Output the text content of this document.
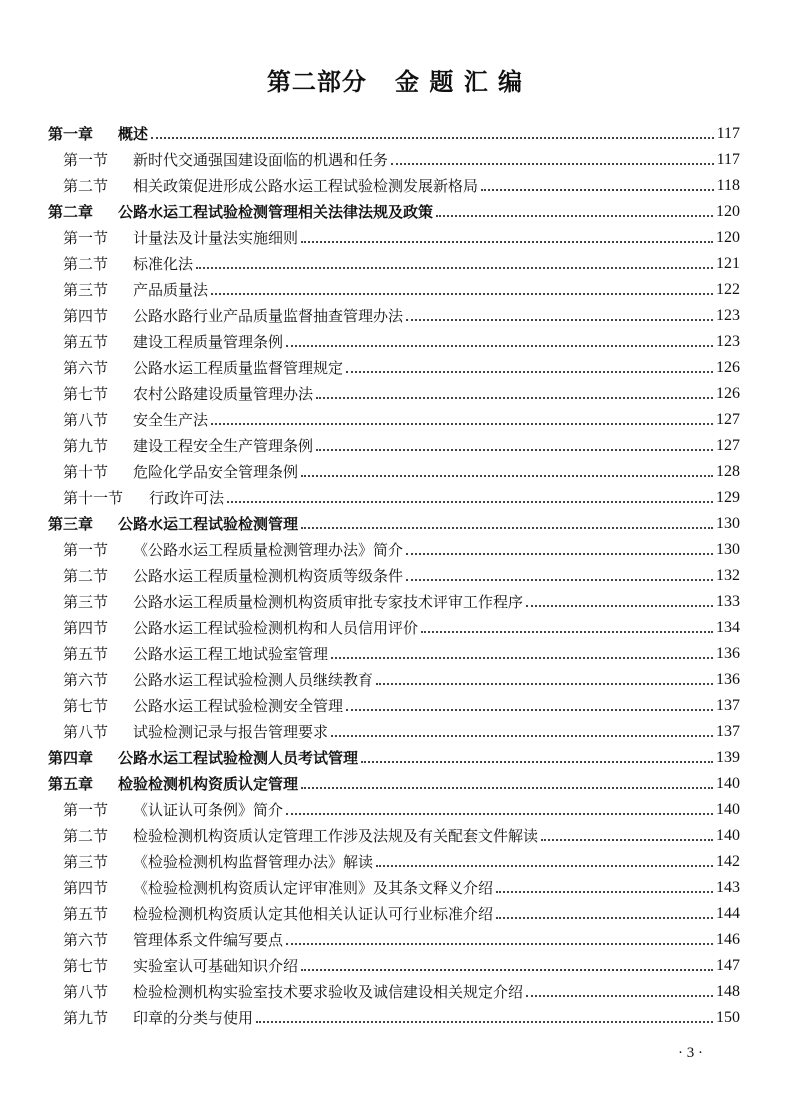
第二部分   金 题 汇 编
第一章	概述	117
第一节	新时代交通强国建设面临的机遇和任务	117
第二节	相关政策促进形成公路水运工程试验检测发展新格局	118
第二章	公路水运工程试验检测管理相关法律法规及政策	120
第一节	计量法及计量法实施细则	120
第二节	标准化法	121
第三节	产品质量法	122
第四节	公路水路行业产品质量监督抽查管理办法	123
第五节	建设工程质量管理条例	123
第六节	公路水运工程质量监督管理规定	126
第七节	农村公路建设质量管理办法	126
第八节	安全生产法	127
第九节	建设工程安全生产管理条例	127
第十节	危险化学品安全管理条例	128
第十一节	行政许可法	129
第三章	公路水运工程试验检测管理	130
第一节	《公路水运工程质量检测管理办法》简介	130
第二节	公路水运工程质量检测机构资质等级条件	132
第三节	公路水运工程质量检测机构资质审批专家技术评审工作程序	133
第四节	公路水运工程试验检测机构和人员信用评价	134
第五节	公路水运工程工地试验室管理	136
第六节	公路水运工程试验检测人员继续教育	136
第七节	公路水运工程试验检测安全管理	137
第八节	试验检测记录与报告管理要求	137
第四章	公路水运工程试验检测人员考试管理	139
第五章	检验检测机构资质认定管理	140
第一节	《认证认可条例》简介	140
第二节	检验检测机构资质认定管理工作涉及法规及有关配套文件解读	140
第三节	《检验检测机构监督管理办法》解读	142
第四节	《检验检测机构资质认定评审准则》及其条文释义介绍	143
第五节	检验检测机构资质认定其他相关认证认可行业标准介绍	144
第六节	管理体系文件编写要点	146
第七节	实验室认可基础知识介绍	147
第八节	检验检测机构实验室技术要求验收及诚信建设相关规定介绍	148
第九节	印章的分类与使用	150
· 3 ·
